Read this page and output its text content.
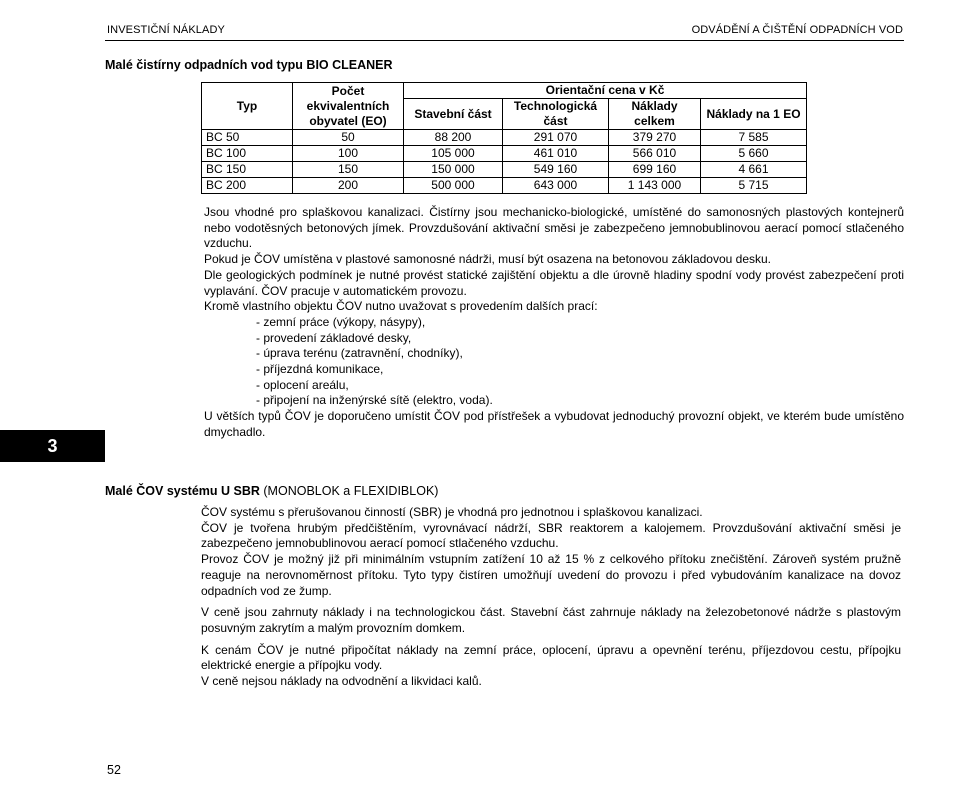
INVESTIČNÍ NÁKLADY	ODVÁDĚNÍ A ČIŠTĚNÍ ODPADNÍCH VOD
Malé čistírny odpadních vod typu BIO CLEANER
Typ	Počet ekvivalentních obyvatel (EO)	Orientační cena v Kč			
		Stavební část	Technologická část	Náklady celkem	Náklady na 1 EO

BC 50	50	88 200	291 070	379 270	7 585
BC 100	100	105 000	461 010	566 010	5 660
BC 150	150	150 000	549 160	699 160	4 661
BC 200	200	500 000	643 000	1 143 000	5 715

Jsou vhodné pro splaškovou kanalizaci. Čistírny jsou mechanicko-biologické, umístěné do samonosných plastových kontejnerů nebo vodotěsných betonových jímek. Provzdušování aktivační směsi je zabezpečeno jemnobublinovou aerací pomocí stlačeného vzduchu.

Pokud je ČOV umístěna v plastové samonosné nádrži, musí být osazena na betonovou základovou desku.

Dle geologických podmínek je nutné provést statické zajištění objektu a dle úrovně hladiny spodní vody provést zabezpečení proti vyplavání. ČOV pracuje v automatickém provozu.

Kromě vlastního objektu ČOV nutno uvažovat s provedením dalších prací:

- zemní práce (výkopy, násypy),
- provedení základové desky,
- úprava terénu (zatravnění, chodníky),
- příjezdná komunikace,
- oplocení areálu,
- připojení na inženýrské sítě (elektro, voda).

U větších typů ČOV je doporučeno umístit ČOV pod přístřešek a vybudovat jednoduchý provozní objekt, ve kterém bude umístěno dmychadlo.

3
Malé ČOV systému U SBR (MONOBLOK a FLEXIDIBLOK)

ČOV systému s přerušovanou činností (SBR) je vhodná pro jednotnou i splaškovou kanalizaci.

ČOV je tvořena hrubým předčištěním, vyrovnávací nádrží, SBR reaktorem a kalojemem. Provzdušování aktivační směsi je zabezpečeno jemnobublinovou aerací pomocí stlačeného vzduchu.

Provoz ČOV je možný již při minimálním vstupním zatížení 10 až 15 % z celkového přítoku znečištění. Zároveň systém pružně reaguje na nerovnoměrnost přítoku. Tyto typy čistíren umožňují uvedení do provozu i před vybudováním kanalizace na dovoz odpadních vod ze žump.

V ceně jsou zahrnuty náklady i na technologickou část. Stavební část zahrnuje náklady na železobetonové nádrže s plastovým posuvným zakrytím a malým provozním domkem.

K cenám ČOV je nutné připočítat náklady na zemní práce, oplocení, úpravu a opevnění terénu, příjezdovou cestu, přípojku elektrické energie a přípojku vody.

V ceně nejsou náklady na odvodnění a likvidaci kalů.

52
